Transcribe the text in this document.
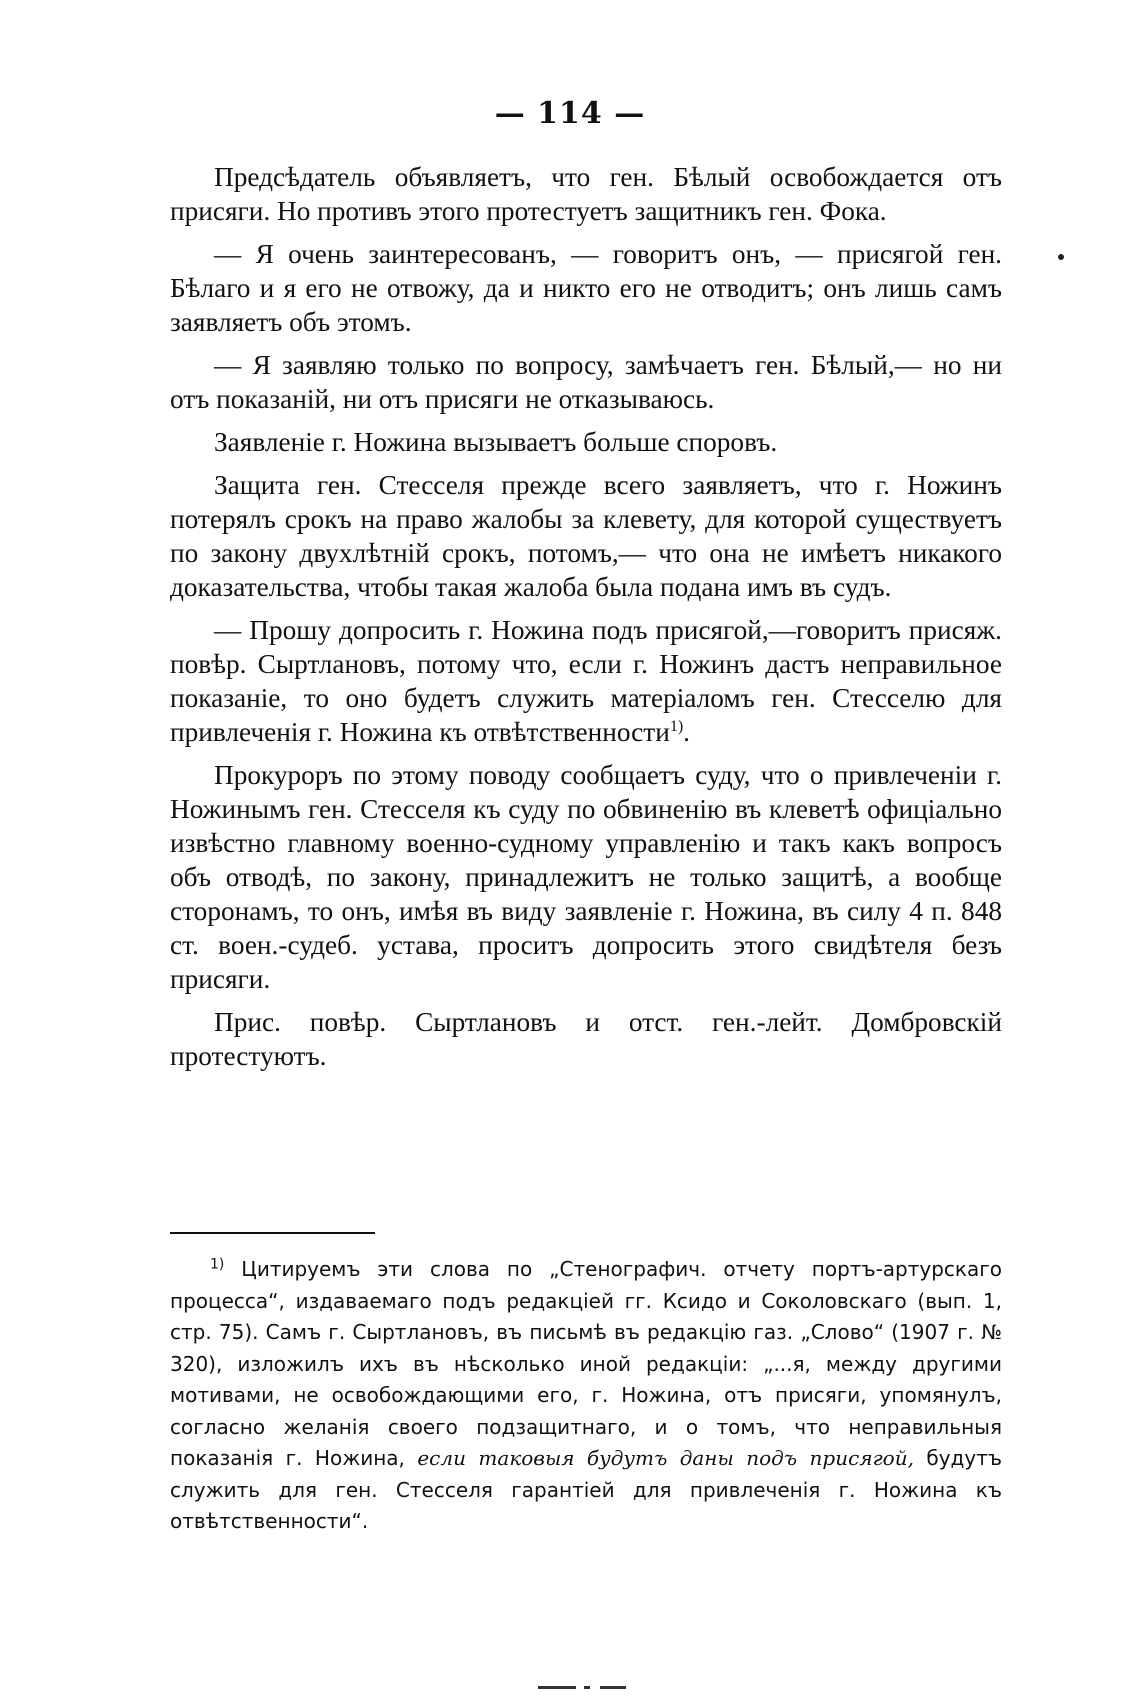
— 114 —

Предсѣдатель объявляетъ, что ген. Бѣлый освобождается отъ присяги. Но противъ этого протестуетъ защитникъ ген. Фока.

— Я очень заинтересованъ, — говоритъ онъ, — присягой ген. Бѣлаго и я его не отвожу, да и никто его не отводитъ; онъ лишь самъ заявляетъ объ этомъ.

— Я заявляю только по вопросу, замѣчаетъ ген. Бѣлый,— но ни отъ показаній, ни отъ присяги не отказываюсь.

Заявленіе г. Ножина вызываетъ больше споровъ.

Защита ген. Стесселя прежде всего заявляетъ, что г. Ножинъ потерялъ срокъ на право жалобы за клевету, для которой существуетъ по закону двухлѣтній срокъ, потомъ,— что она не имѣетъ никакого доказательства, чтобы такая жалоба была подана имъ въ судъ.

— Прошу допросить г. Ножина подъ присягой,—говоритъ присяж. повѣр. Сыртлановъ, потому что, если г. Ножинъ дастъ неправильное показаніе, то оно будетъ служить матеріаломъ ген. Стесселю для привлеченія г. Ножина къ отвѣтственности$^{1)}$.

Прокуроръ по этому поводу сообщаетъ суду, что о привлеченіи г. Ножинымъ ген. Стесселя къ суду по обвиненію въ клеветѣ офиціально извѣстно главному военно-судному управленію и такъ какъ вопросъ объ отводѣ, по закону, принадлежитъ не только защитѣ, а вообще сторонамъ, то онъ, имѣя въ виду заявленіе г. Ножина, въ силу 4 п. 848 ст. воен.-судеб. устава, проситъ допросить этого свидѣтеля безъ присяги.

Прис. повѣр. Сыртлановъ и отст. ген.-лейт. Домбровскій протестуютъ.

$^{1)}$ Цитируемъ эти слова по „Стенографич. отчету портъ-артурскаго процесса“, издаваемаго подъ редакціей гг. Ксидо и Соколовскаго (вып. 1, стр. 75). Самъ г. Сыртлановъ, въ письмѣ въ редакцію газ. „Слово“ (1907 г. № 320), изложилъ ихъ въ нѣсколько иной редакціи: „...я, между другими мотивами, не освобождающими его, г. Ножина, отъ присяги, упомянулъ, согласно желанія своего подзащитнаго, и о томъ, что неправильныя показанія г. Ножина, если таковыя будутъ даны подъ присягой, будутъ служить для ген. Стесселя гарантіей для привлеченія г. Ножина къ отвѣтственности“.
